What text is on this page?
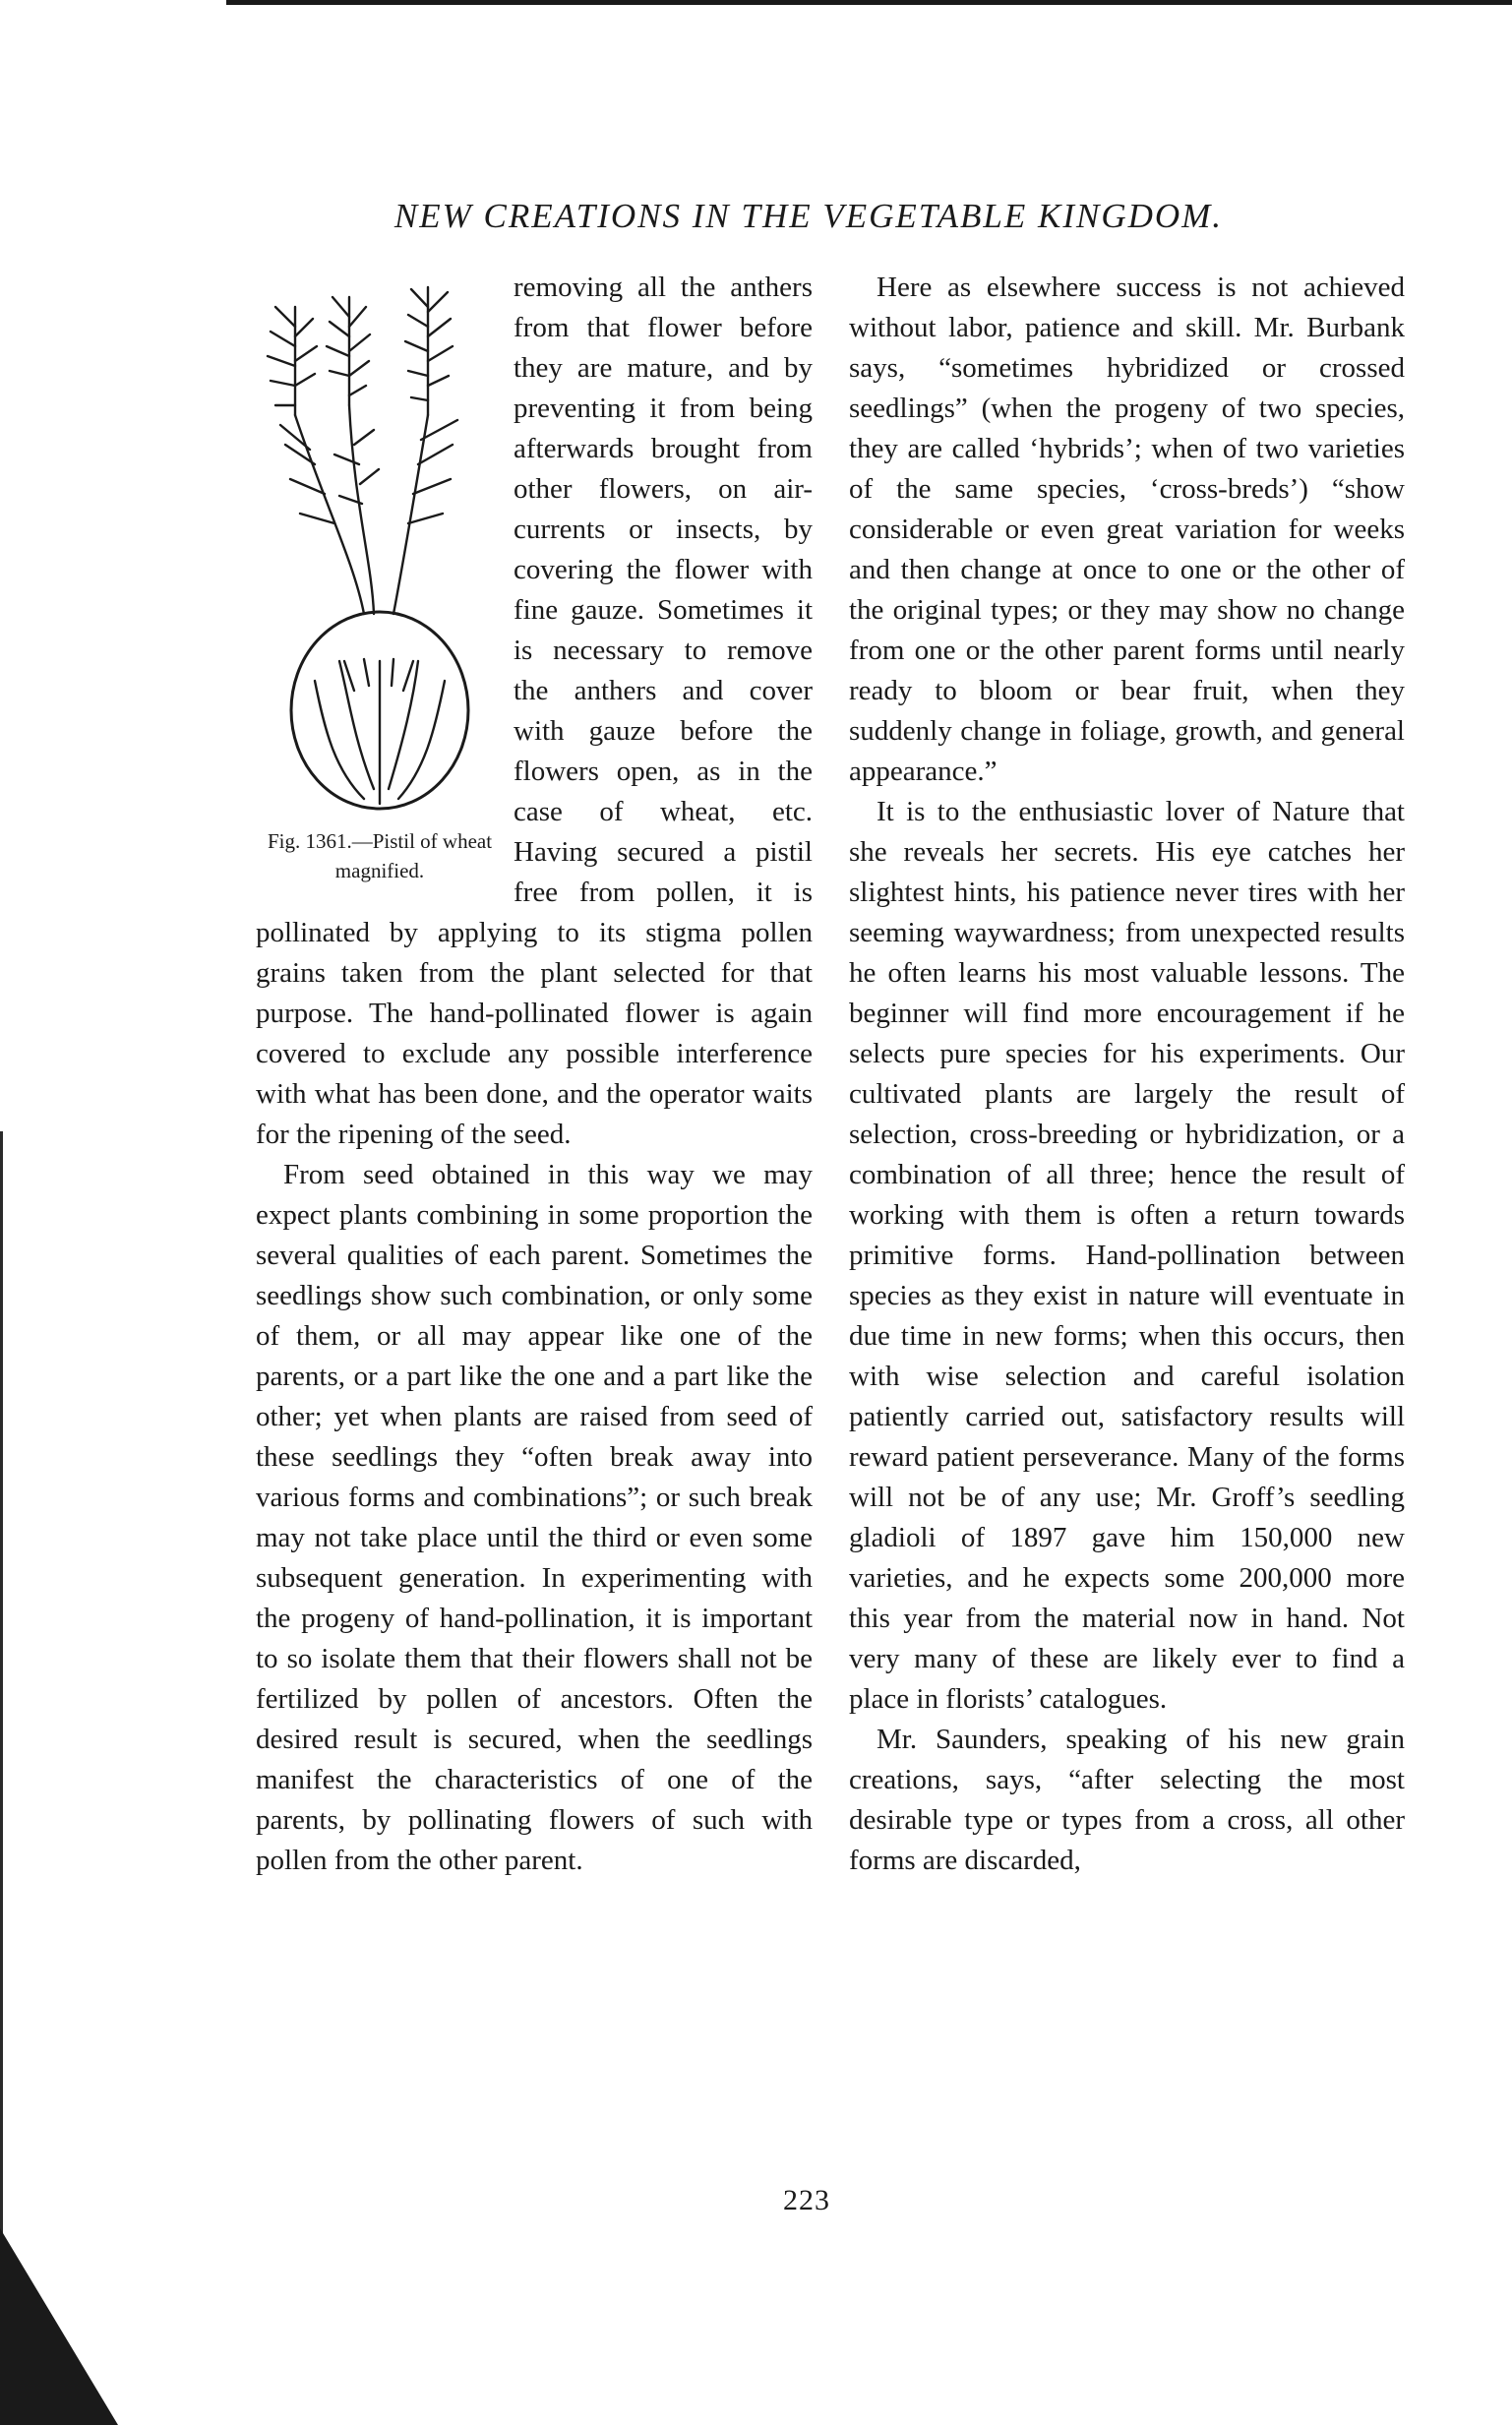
NEW CREATIONS IN THE VEGETABLE KINGDOM.
Fig. 1361.—Pistil of wheat magnified.

removing all the anthers from that flower before they are mature, and by preventing it from being afterwards brought from other flowers, on air-currents or insects, by covering the flower with fine gauze. Sometimes it is necessary to remove the anthers and cover with gauze before the flowers open, as in the case of wheat, etc. Having secured a pistil free from pollen, it is pollinated by applying to its stigma pollen grains taken from the plant selected for that purpose. The hand-pollinated flower is again covered to exclude any possible interference with what has been done, and the operator waits for the ripening of the seed.

From seed obtained in this way we may expect plants combining in some proportion the several qualities of each parent. Sometimes the seedlings show such combination, or only some of them, or all may appear like one of the parents, or a part like the one and a part like the other; yet when plants are raised from seed of these seedlings they “often break away into various forms and combinations”; or such break may not take place until the third or even some subsequent generation. In experimenting with the progeny of hand-pollination, it is important to so isolate them that their flowers shall not be fertilized by pollen of ancestors. Often the desired result is secured, when the seedlings manifest the characteristics of one of the parents, by pollinating flowers of such with pollen from the other parent.

Here as elsewhere success is not achieved without labor, patience and skill. Mr. Burbank says, “sometimes hybridized or crossed seedlings” (when the progeny of two species, they are called ‘hybrids’; when of two varieties of the same species, ‘cross-breds’) “show considerable or even great variation for weeks and then change at once to one or the other of the original types; or they may show no change from one or the other parent forms until nearly ready to bloom or bear fruit, when they suddenly change in foliage, growth, and general appearance.”

It is to the enthusiastic lover of Nature that she reveals her secrets. His eye catches her slightest hints, his patience never tires with her seeming waywardness; from unexpected results he often learns his most valuable lessons. The beginner will find more encouragement if he selects pure species for his experiments. Our cultivated plants are largely the result of selection, cross-breeding or hybridization, or a combination of all three; hence the result of working with them is often a return towards primitive forms. Hand-pollination between species as they exist in nature will eventuate in due time in new forms; when this occurs, then with wise selection and careful isolation patiently carried out, satisfactory results will reward patient perseverance. Many of the forms will not be of any use; Mr. Groff’s seedling gladioli of 1897 gave him 150,000 new varieties, and he expects some 200,000 more this year from the material now in hand. Not very many of these are likely ever to find a place in florists’ catalogues.

Mr. Saunders, speaking of his new grain creations, says, “after selecting the most desirable type or types from a cross, all other forms are discarded,

223
